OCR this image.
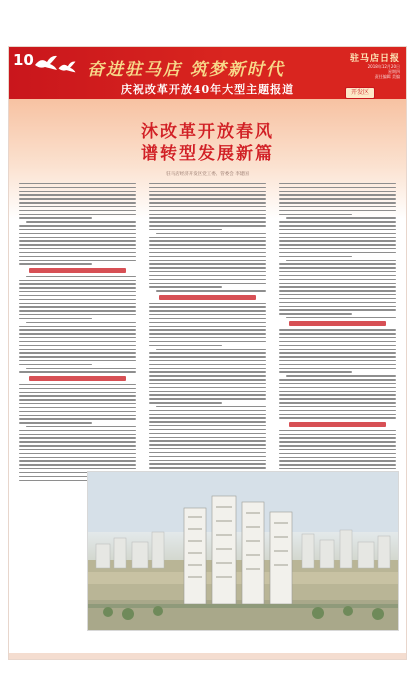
10	奋进驻马店 筑梦新时代
驻马店日报
2018年12月20日
星期四
责任编辑 美编
庆祝改革开放40年大型主题报道	开发区
沐改革开放春风
谱转型发展新篇
驻马店经济开发区党工委、管委会 李建国
